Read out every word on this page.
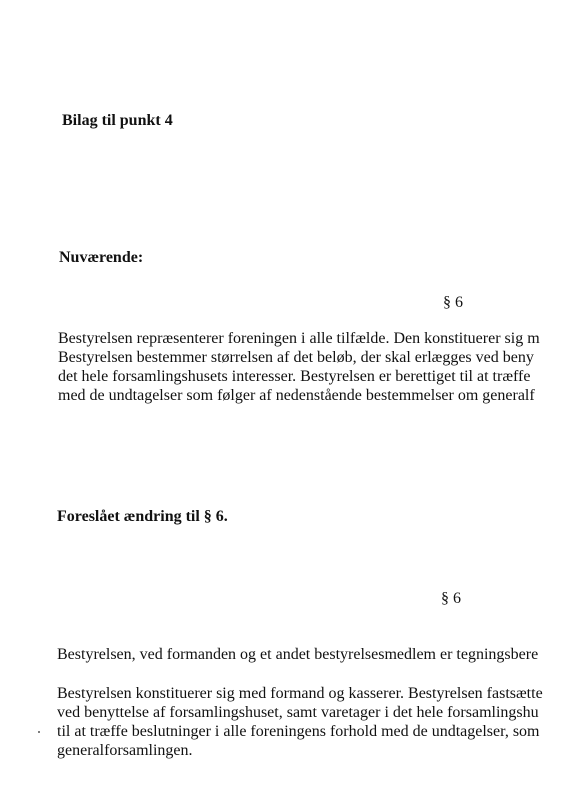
Bilag til punkt 4
Nuværende:
§ 6
Bestyrelsen repræsenterer foreningen i alle tilfælde. Den konstituerer sig m
Bestyrelsen bestemmer størrelsen af det beløb, der skal erlægges ved beny
det hele forsamlingshusets interesser. Bestyrelsen er berettiget til at træffe
med de undtagelser som følger af nedenstående bestemmelser om generalf
Foreslået ændring til § 6.
§ 6
Bestyrelsen, ved formanden og et andet bestyrelsesmedlem er tegningsbere
Bestyrelsen konstituerer sig med formand og kasserer. Bestyrelsen fastsætte
ved benyttelse af forsamlingshuset, samt varetager i det hele forsamlingshu
til at træffe beslutninger i alle foreningens forhold med de undtagelser, som
generalforsamlingen.
